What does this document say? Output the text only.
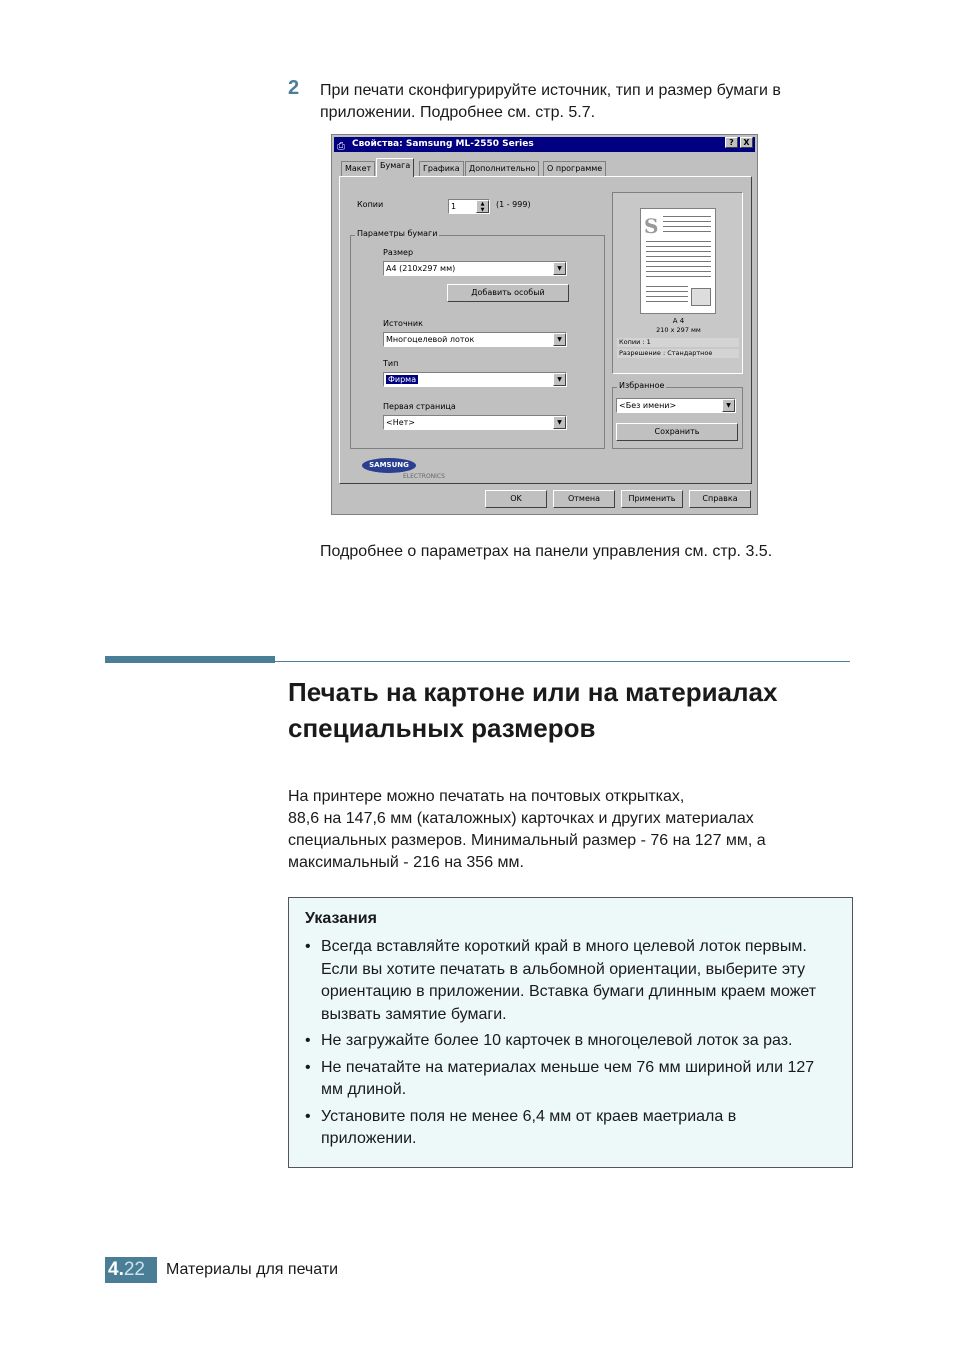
2 При печати сконфигурируйте источник, тип и размер бумаги в приложении. Подробнее см. стр. 5.7.
⎙ Свойства: Samsung ML-2550 Series	?	X
Макет	Бумага	Графика	Дополнительно	О программе
Копии	1	▲
▼
(1 - 999)
Параметры бумаги
Размер
A4 (210x297 мм)	▼
Добавить особый
Источник
Многоцелевой лоток	▼
Тип
Фирма	▼
Первая страница
<Нет>	▼
S
A 4
210 x 297 мм
Копии : 1
Разрешение : Стандартное
Избранное
<Без имени>	▼
Сохранить
SAMSUNG
ELECTRONICS
OK	Отмена	Применить	Справка
Подробнее о параметрах на панели управления см. стр. 3.5.
Печать на картоне или на материалах специальных размеров
На принтере можно печатать на почтовых открытках,
88,6 на 147,6 мм (каталожных) карточках и других материалах
специальных размеров. Минимальный размер - 76 на 127 мм, а
максимальный - 216 на 356 мм.
Указания
• Всегда вставляйте короткий край в много целевой лоток первым. Если вы хотите печатать в альбомной ориентации, выберите эту ориентацию в приложении. Вставка бумаги длинным краем может вызвать замятие бумаги.
• Не загружайте более 10 карточек в многоцелевой лоток за раз.
• Не печатайте на материалах меньше чем 76 мм шириной или 127 мм длиной.
• Установите поля не менее 6,4 мм от краев маетриала в приложении.
4.22	Материалы для печати
